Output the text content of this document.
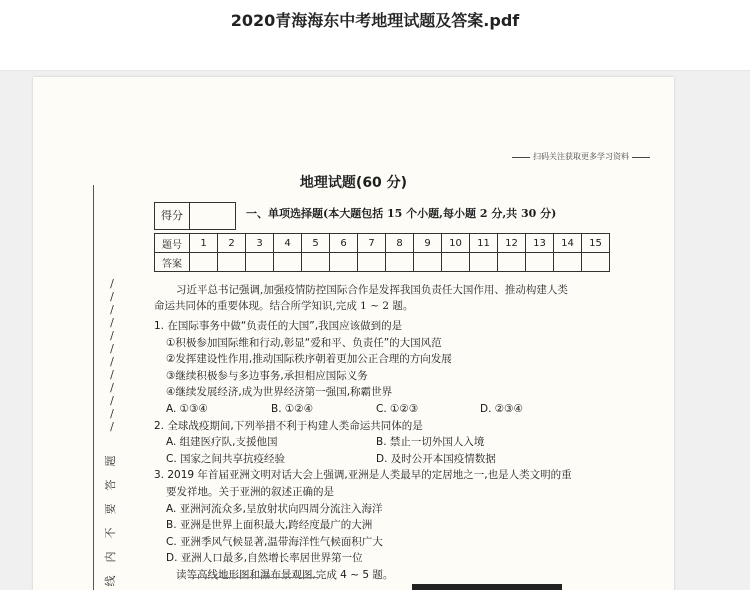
2020青海海东中考地理试题及答案.pdf
扫码关注获取更多学习资料
地理试题(60 分)
得分	一、单项选择题(本大题包括 15 个小题,每小题 2 分,共 30 分)
题号	1	2	3	4	5	6	7	8	9	10	11	12	13	14	15
答案															
习近平总书记强调,加强疫情防控国际合作是发挥我国负责任大国作用、推动构建人类
命运共同体的重要体现。结合所学知识,完成 1 ~ 2 题。
1. 在国际事务中做“负责任的大国”,我国应该做到的是
①积极参加国际维和行动,彰显“爱和平、负责任”的大国风范
②发挥建设性作用,推动国际秩序朝着更加公正合理的方向发展
③继续积极参与多边事务,承担相应国际义务
④继续发展经济,成为世界经济第一强国,称霸世界
A. ①③④	B. ①②④	C. ①②③	D. ②③④
2. 全球战疫期间,下列举措不利于构建人类命运共同体的是
A. 组建医疗队,支援他国	B. 禁止一切外国人入境
C. 国家之间共享抗疫经验	D. 及时公开本国疫情数据
3. 2019 年首届亚洲文明对话大会上强调,亚洲是人类最早的定居地之一,也是人类文明的重
要发祥地。关于亚洲的叙述正确的是
A. 亚洲河流众多,呈放射状向四周分流注入海洋
B. 亚洲是世界上面积最大,跨经度最广的大洲
C. 亚洲季风气候显著,温带海洋性气候面积广大
D. 亚洲人口最多,自然增长率居世界第一位
读等高线地形图和瀑布景观图,完成 4 ~ 5 题。
/
/
/
/
/
/
/
/
/
/
/
/
题
答
要
不
内
线
